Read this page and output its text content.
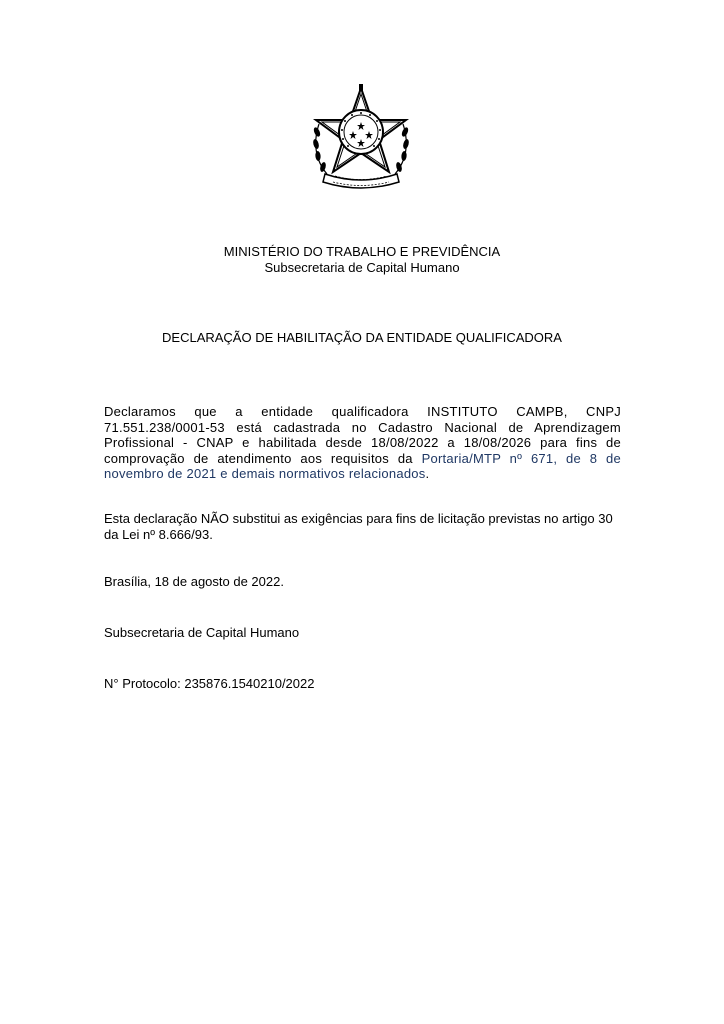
MINISTÉRIO DO TRABALHO E PREVIDÊNCIA
Subsecretaria de Capital Humano
DECLARAÇÃO DE HABILITAÇÃO DA ENTIDADE QUALIFICADORA
Declaramos que a entidade qualificadora INSTITUTO CAMPB, CNPJ 71.551.238/0001-53 está cadastrada no Cadastro Nacional de Aprendizagem Profissional - CNAP e habilitada desde 18/08/2022 a 18/08/2026 para fins de comprovação de atendimento aos requisitos da Portaria/MTP nº 671, de 8 de novembro de 2021 e demais normativos relacionados.
Esta declaração NÃO substitui as exigências para fins de licitação previstas no artigo 30 da Lei nº 8.666/93.
Brasília, 18 de agosto de 2022.
Subsecretaria de Capital Humano
N° Protocolo: 235876.1540210/2022
